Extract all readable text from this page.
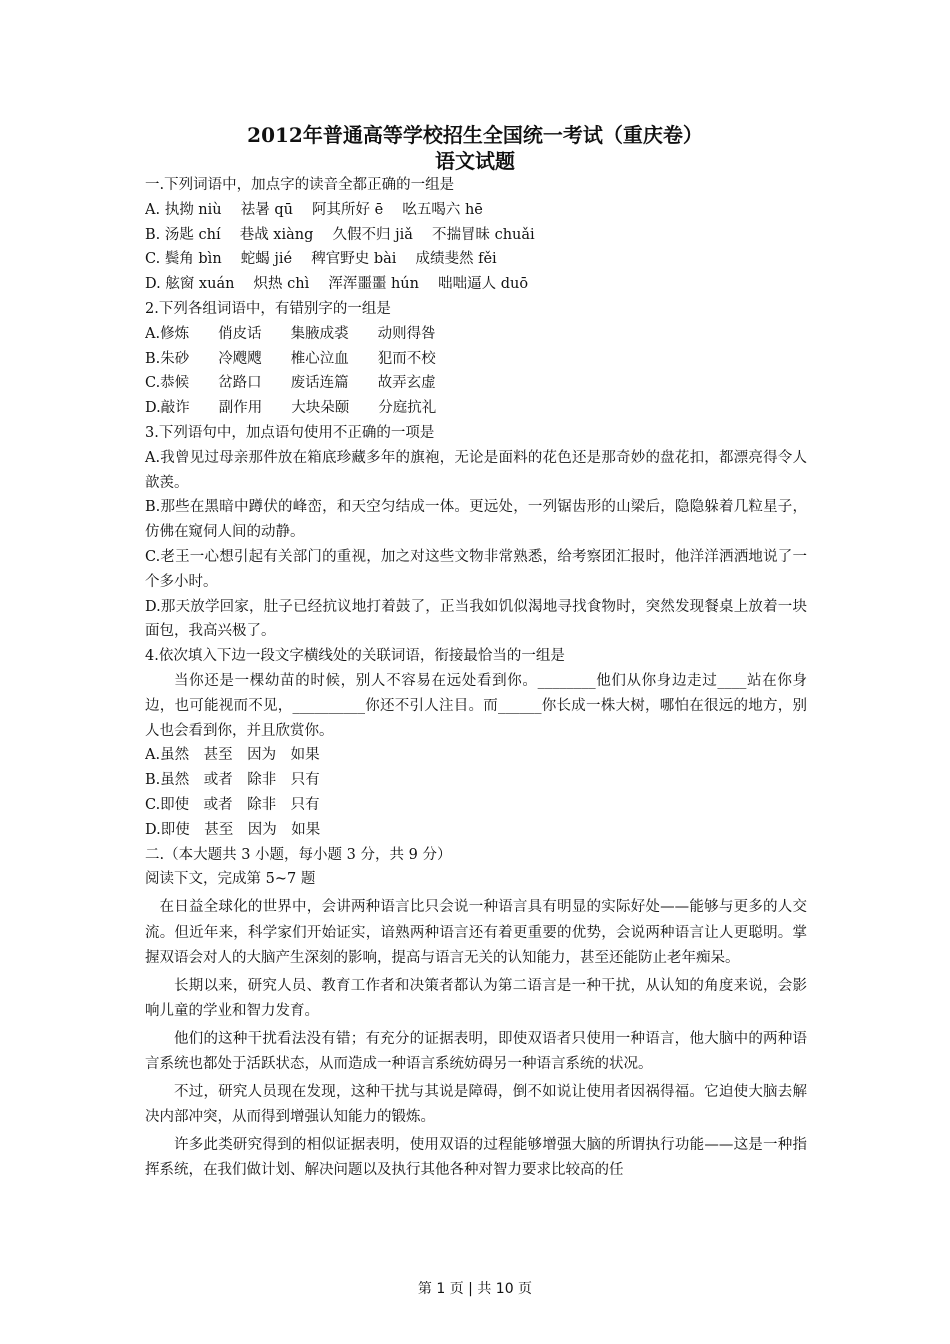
2012年普通高等学校招生全国统一考试（重庆卷）
语文试题
一.下列词语中，加点字的读音全都正确的一组是
A. 执拗 niù　 祛暑 qū　 阿其所好 ē　 吆五喝六 hē
B. 汤匙 chí　 巷战 xiàng　 久假不归 jiǎ　 不揣冒昧 chuǎi
C. 鬓角 bìn　 蛇蝎 jié　 稗官野史 bài　 成绩斐然 fěi
D. 舷窗 xuán　 炽热 chì　 浑浑噩噩 hún　 咄咄逼人 duō
2.下列各组词语中，有错别字的一组是
A.修炼　　俏皮话　　集腋成裘　　动则得咎
B.朱砂　　冷飕飕　　椎心泣血　　犯而不校
C.恭候　　岔路口　　废话连篇　　故弄玄虚
D.敲诈　　副作用　　大块朵颐　　分庭抗礼
3.下列语句中，加点语句使用不正确的一项是
A.我曾见过母亲那件放在箱底珍藏多年的旗袍，无论是面料的花色还是那奇妙的盘花扣，都漂亮得令人歆羡。
B.那些在黑暗中蹲伏的峰峦，和天空匀结成一体。更远处，一列锯齿形的山梁后，隐隐躲着几粒星子，仿佛在窥伺人间的动静。
C.老王一心想引起有关部门的重视，加之对这些文物非常熟悉，给考察团汇报时，他洋洋洒洒地说了一个多小时。
D.那天放学回家，肚子已经抗议地打着鼓了，正当我如饥似渴地寻找食物时，突然发现餐桌上放着一块面包，我高兴极了。
4.依次填入下边一段文字横线处的关联词语，衔接最恰当的一组是
当你还是一棵幼苗的时候，别人不容易在远处看到你。________他们从你身边走过____站在你身边，也可能视而不见，__________你还不引人注目。而______你长成一株大树，哪怕在很远的地方，别人也会看到你，并且欣赏你。
A.虽然　甚至　因为　如果
B.虽然　或者　除非　只有
C.即使　或者　除非　只有
D.即使　甚至　因为　如果
二.（本大题共 3 小题，每小题 3 分，共 9 分）
阅读下文，完成第 5~7 题

在日益全球化的世界中，会讲两种语言比只会说一种语言具有明显的实际好处——能够与更多的人交流。但近年来，科学家们开始证实，谙熟两种语言还有着更重要的优势，会说两种语言让人更聪明。掌握双语会对人的大脑产生深刻的影响，提高与语言无关的认知能力，甚至还能防止老年痴呆。

长期以来，研究人员、教育工作者和决策者都认为第二语言是一种干扰，从认知的角度来说，会影响儿童的学业和智力发育。

他们的这种干扰看法没有错；有充分的证据表明，即使双语者只使用一种语言，他大脑中的两种语言系统也都处于活跃状态，从而造成一种语言系统妨碍另一种语言系统的状况。

不过，研究人员现在发现，这种干扰与其说是障碍，倒不如说让使用者因祸得福。它迫使大脑去解决内部冲突，从而得到增强认知能力的锻炼。

许多此类研究得到的相似证据表明，使用双语的过程能够增强大脑的所谓执行功能——这是一种指挥系统，在我们做计划、解决问题以及执行其他各种对智力要求比较高的任

第 1 页 | 共 10 页
